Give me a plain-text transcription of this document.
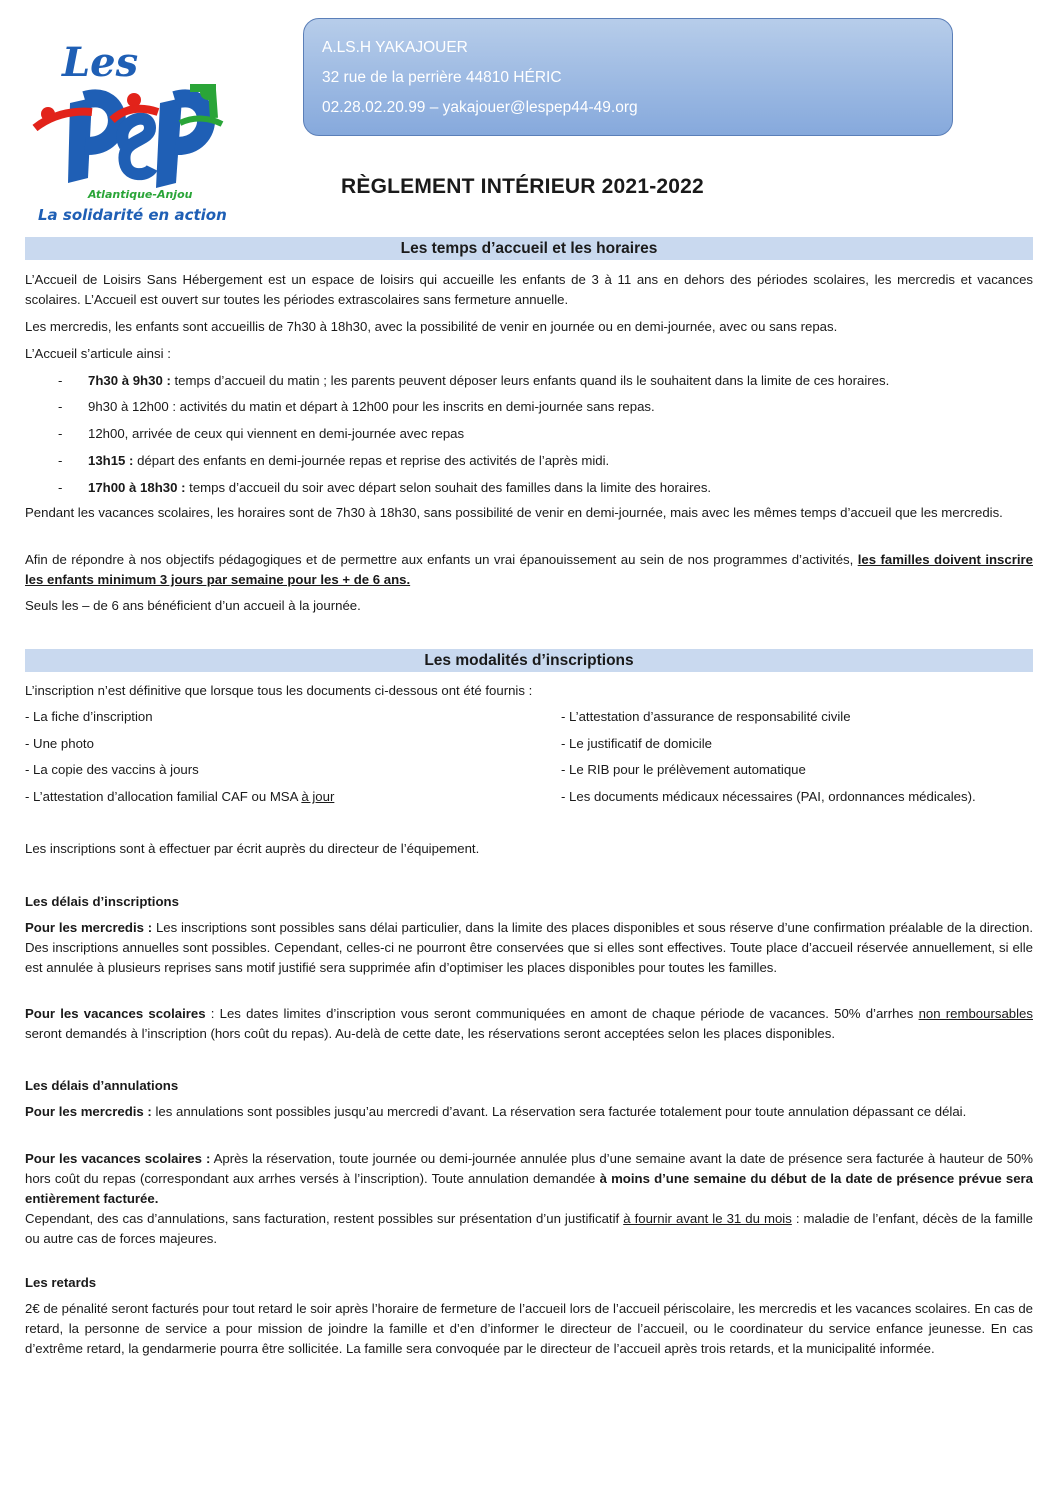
Les
Atlantique-Anjou
La solidarité en action
A.LS.H YAKAJOUER
32 rue de la perrière 44810 HÉRIC
02.28.02.20.99 – yakajouer@lespep44-49.org
RÈGLEMENT INTÉRIEUR 2021-2022
Les temps d’accueil et les horaires
L’Accueil de Loisirs Sans Hébergement est un espace de loisirs qui accueille les enfants de 3 à 11 ans en dehors des périodes scolaires, les mercredis et vacances scolaires. L’Accueil est ouvert sur toutes les périodes extrascolaires sans fermeture annuelle.
Les mercredis, les enfants sont accueillis de 7h30 à 18h30, avec la possibilité de venir en journée ou en demi-journée, avec ou sans repas.
L’Accueil s’articule ainsi :
- 7h30 à 9h30 : temps d’accueil du matin ; les parents peuvent déposer leurs enfants quand ils le souhaitent dans la limite de ces horaires.
- 9h30 à 12h00 : activités du matin et départ à 12h00 pour les inscrits en demi-journée sans repas.
- 12h00, arrivée de ceux qui viennent en demi-journée avec repas
- 13h15 : départ des enfants en demi-journée repas et reprise des activités de l’après midi.
- 17h00 à 18h30 : temps d’accueil du soir avec départ selon souhait des familles dans la limite des horaires.
Pendant les vacances scolaires, les horaires sont de 7h30 à 18h30, sans possibilité de venir en demi-journée, mais avec les mêmes temps d’accueil que les mercredis.
Afin de répondre à nos objectifs pédagogiques et de permettre aux enfants un vrai épanouissement au sein de nos programmes d’activités, les familles doivent inscrire les enfants minimum 3 jours par semaine pour les + de 6 ans.
Seuls les – de 6 ans bénéficient d’un accueil à la journée.
Les modalités d’inscriptions
L’inscription n’est définitive que lorsque tous les documents ci-dessous ont été fournis :
- La fiche d’inscription
- Une photo
- La copie des vaccins à jours
- L’attestation d’allocation familial CAF ou MSA à jour
- L’attestation d’assurance de responsabilité civile
- Le justificatif de domicile
- Le RIB pour le prélèvement automatique
- Les documents médicaux nécessaires (PAI, ordonnances médicales).
Les inscriptions sont à effectuer par écrit auprès du directeur de l’équipement.
Les délais d’inscriptions
Pour les mercredis : Les inscriptions sont possibles sans délai particulier, dans la limite des places disponibles et sous réserve d’une confirmation préalable de la direction. Des inscriptions annuelles sont possibles. Cependant, celles-ci ne pourront être conservées que si elles sont effectives. Toute place d’accueil réservée annuellement, si elle est annulée à plusieurs reprises sans motif justifié sera supprimée afin d’optimiser les places disponibles pour toutes les familles.
Pour les vacances scolaires : Les dates limites d’inscription vous seront communiquées en amont de chaque période de vacances. 50% d’arrhes non remboursables seront demandés à l’inscription (hors coût du repas). Au-delà de cette date, les réservations seront acceptées selon les places disponibles.
Les délais d’annulations
Pour les mercredis : les annulations sont possibles jusqu’au mercredi d’avant. La réservation sera facturée totalement pour toute annulation dépassant ce délai.
Pour les vacances scolaires : Après la réservation, toute journée ou demi-journée annulée plus d’une semaine avant la date de présence sera facturée à hauteur de 50% hors coût du repas (correspondant aux arrhes versés à l’inscription). Toute annulation demandée à moins d’une semaine du début de la date de présence prévue sera entièrement facturée.
Cependant, des cas d’annulations, sans facturation, restent possibles sur présentation d’un justificatif à fournir avant le 31 du mois : maladie de l’enfant, décès de la famille ou autre cas de forces majeures.
Les retards
2€ de pénalité seront facturés pour tout retard le soir après l’horaire de fermeture de l’accueil lors de l’accueil périscolaire, les mercredis et les vacances scolaires. En cas de retard, la personne de service a pour mission de joindre la famille et d’en d’informer le directeur de l’accueil, ou le coordinateur du service enfance jeunesse. En cas d’extrême retard, la gendarmerie pourra être sollicitée. La famille sera convoquée par le directeur de l’accueil après trois retards, et la municipalité informée.
